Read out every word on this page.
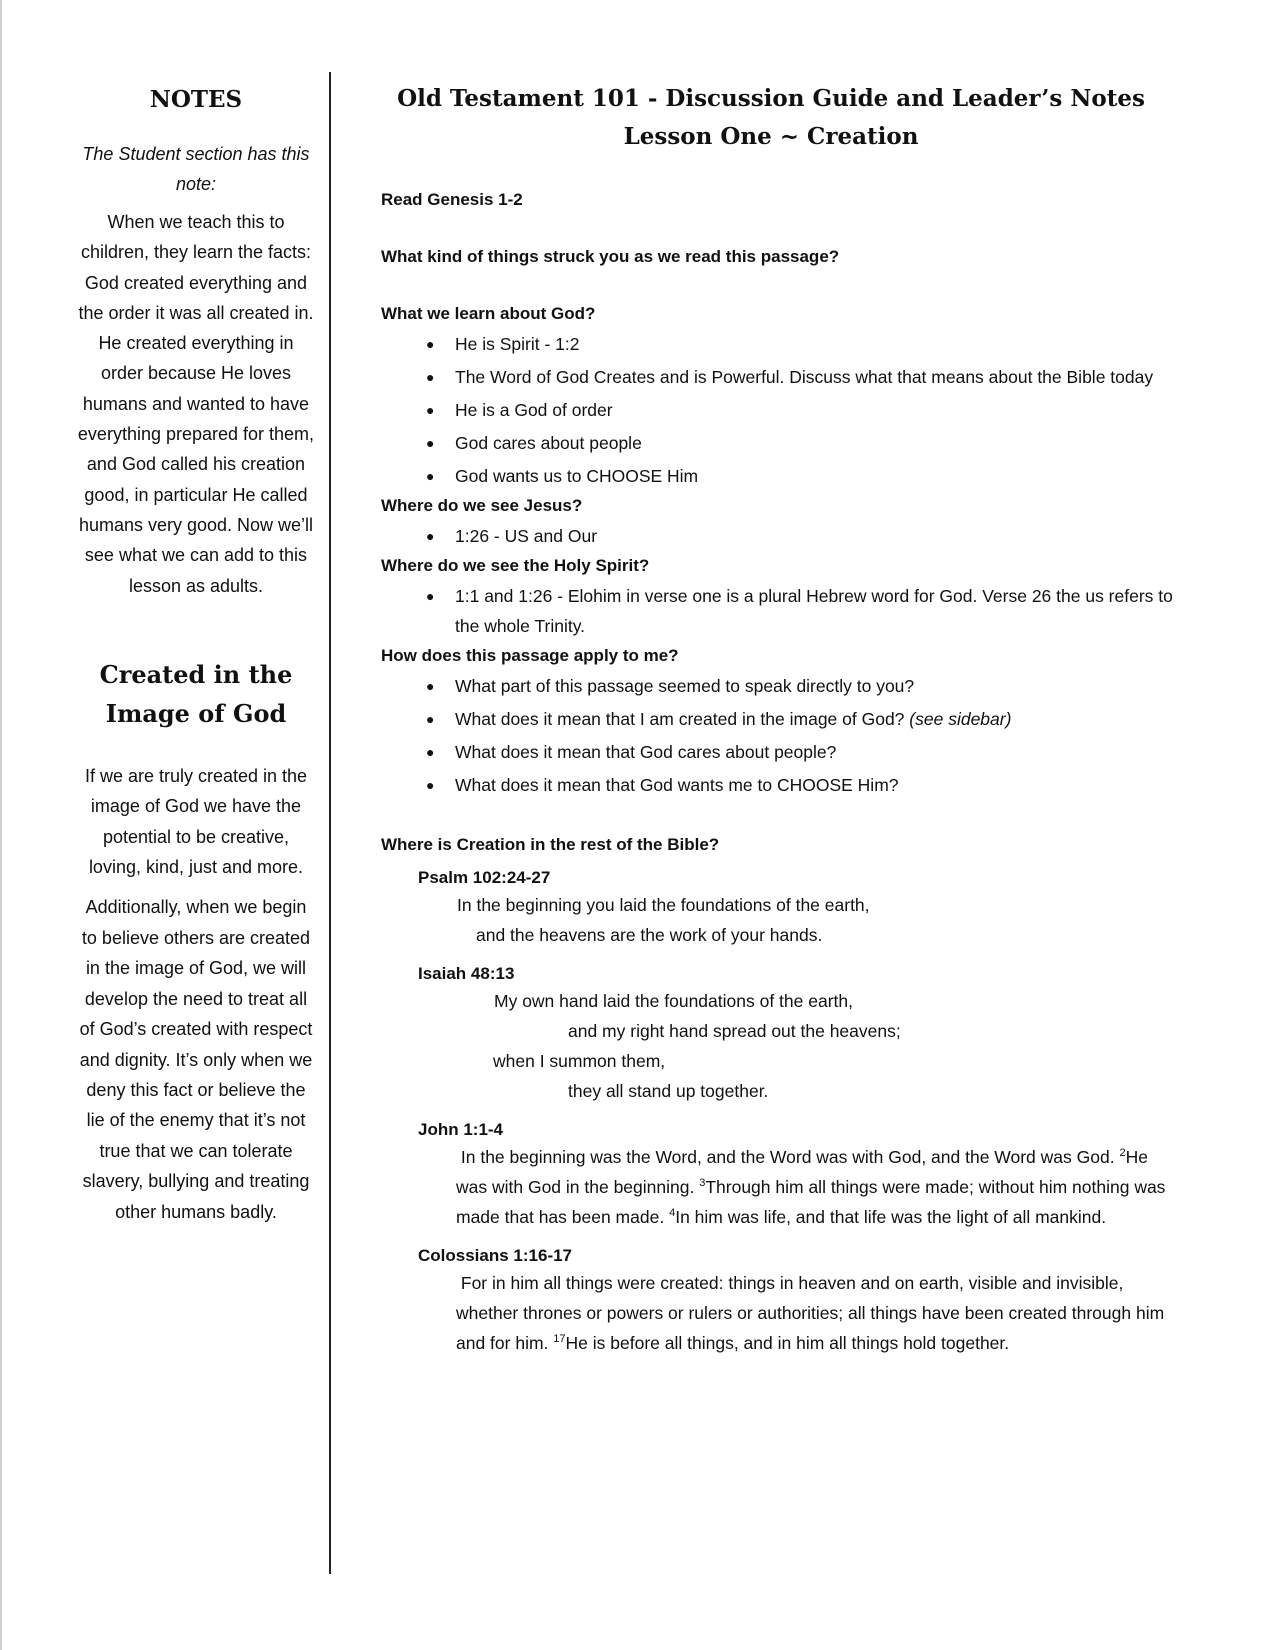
NOTES

The Student section has this note:

When we teach this to children, they learn the facts: God created everything and the order it was all created in. He created everything in order because He loves humans and wanted to have everything prepared for them, and God called his creation good, in particular He called humans very good. Now we’ll see what we can add to this lesson as adults.

Created in the
Image of God

If we are truly created in the image of God we have the potential to be creative, loving, kind, just and more.

Additionally, when we begin to believe others are created in the image of God, we will develop the need to treat all of God’s created with respect and dignity. It’s only when we deny this fact or believe the lie of the enemy that it’s not true that we can tolerate slavery, bullying and treating other humans badly.

Old Testament 101 - Discussion Guide and Leader’s Notes
Lesson One ~ Creation

Read Genesis 1-2

What kind of things struck you as we read this passage?

What we learn about God?

● He is Spirit - 1:2
● The Word of God Creates and is Powerful. Discuss what that means about the Bible today
● He is a God of order
● God cares about people
● God wants us to CHOOSE Him

Where do we see Jesus?

● 1:26 - US and Our

Where do we see the Holy Spirit?

● 1:1 and 1:26 - Elohim in verse one is a plural Hebrew word for God. Verse 26 the us refers to the whole Trinity.

How does this passage apply to me?

● What part of this passage seemed to speak directly to you?
● What does it mean that I am created in the image of God? (see sidebar)
● What does it mean that God cares about people?
● What does it mean that God wants me to CHOOSE Him?

Where is Creation in the rest of the Bible?

Psalm 102:24-27

In the beginning you laid the foundations of the earth,

and the heavens are the work of your hands.

Isaiah 48:13

My own hand laid the foundations of the earth,

and my right hand spread out the heavens;

when I summon them,

they all stand up together.

John 1:1-4

In the beginning was the Word, and the Word was with God, and the Word was God. $^2$He was with God in the beginning. $^3$Through him all things were made; without him nothing was made that has been made. $^4$In him was life, and that life was the light of all mankind.

Colossians 1:16-17

For in him all things were created: things in heaven and on earth, visible and invisible, whether thrones or powers or rulers or authorities; all things have been created through him and for him. $^{17}$He is before all things, and in him all things hold together.
